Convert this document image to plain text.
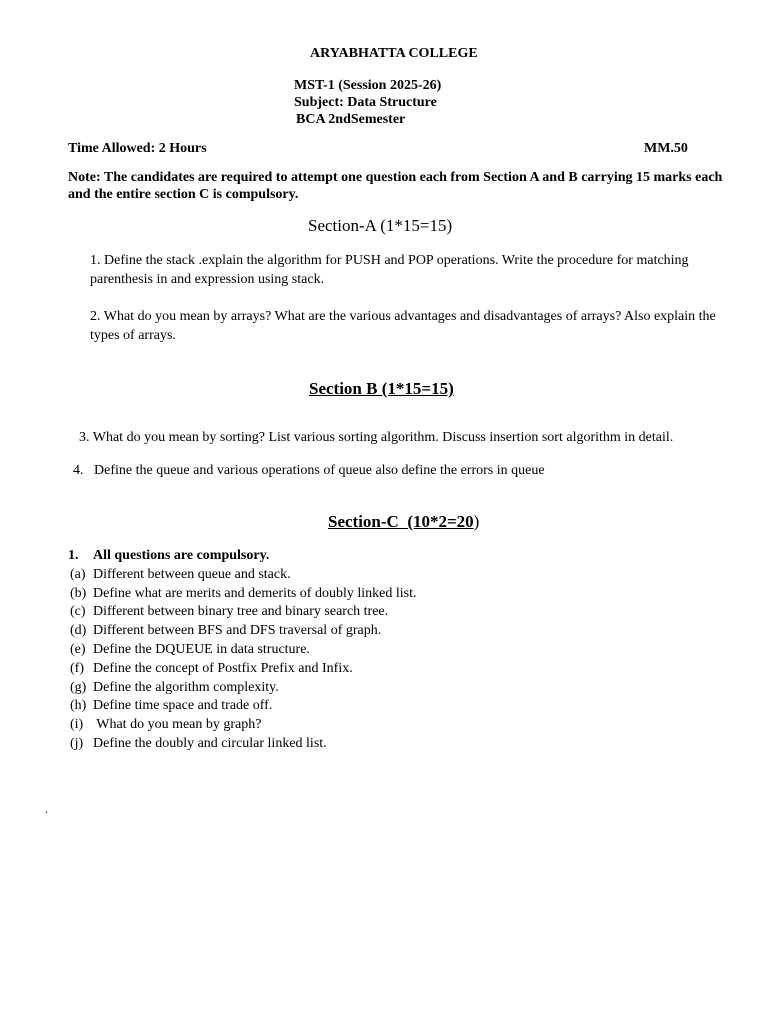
ARYABHATTA COLLEGE
MST-1 (Session 2025-26)
Subject: Data Structure
BCA 2ndSemester
Time Allowed: 2 Hours	MM.50
Note: The candidates are required to attempt one question each from Section A and B carrying 15 marks each and the entire section C is compulsory.
Section-A (1*15=15)
1. Define the stack .explain the algorithm for PUSH and POP operations. Write the procedure for matching parenthesis in and expression using stack.
2. What do you mean by arrays? What are the various advantages and disadvantages of arrays? Also explain the types of arrays.
Section B (1*15=15)
3. What do you mean by sorting? List various sorting algorithm. Discuss insertion sort algorithm in detail.
4.   Define the queue and various operations of queue also define the errors in queue
Section-C  (10*2=20)
1. All questions are compulsory.
(a) Different between queue and stack.
(b) Define what are merits and demerits of doubly linked list.
(c) Different between binary tree and binary search tree.
(d) Different between BFS and DFS traversal of graph.
(e) Define the DQUEUE in data structure.
(f) Define the concept of Postfix Prefix and Infix.
(g) Define the algorithm complexity.
(h) Define time space and trade off.
(i) What do you mean by graph?
(j) Define the doubly and circular linked list.
.
